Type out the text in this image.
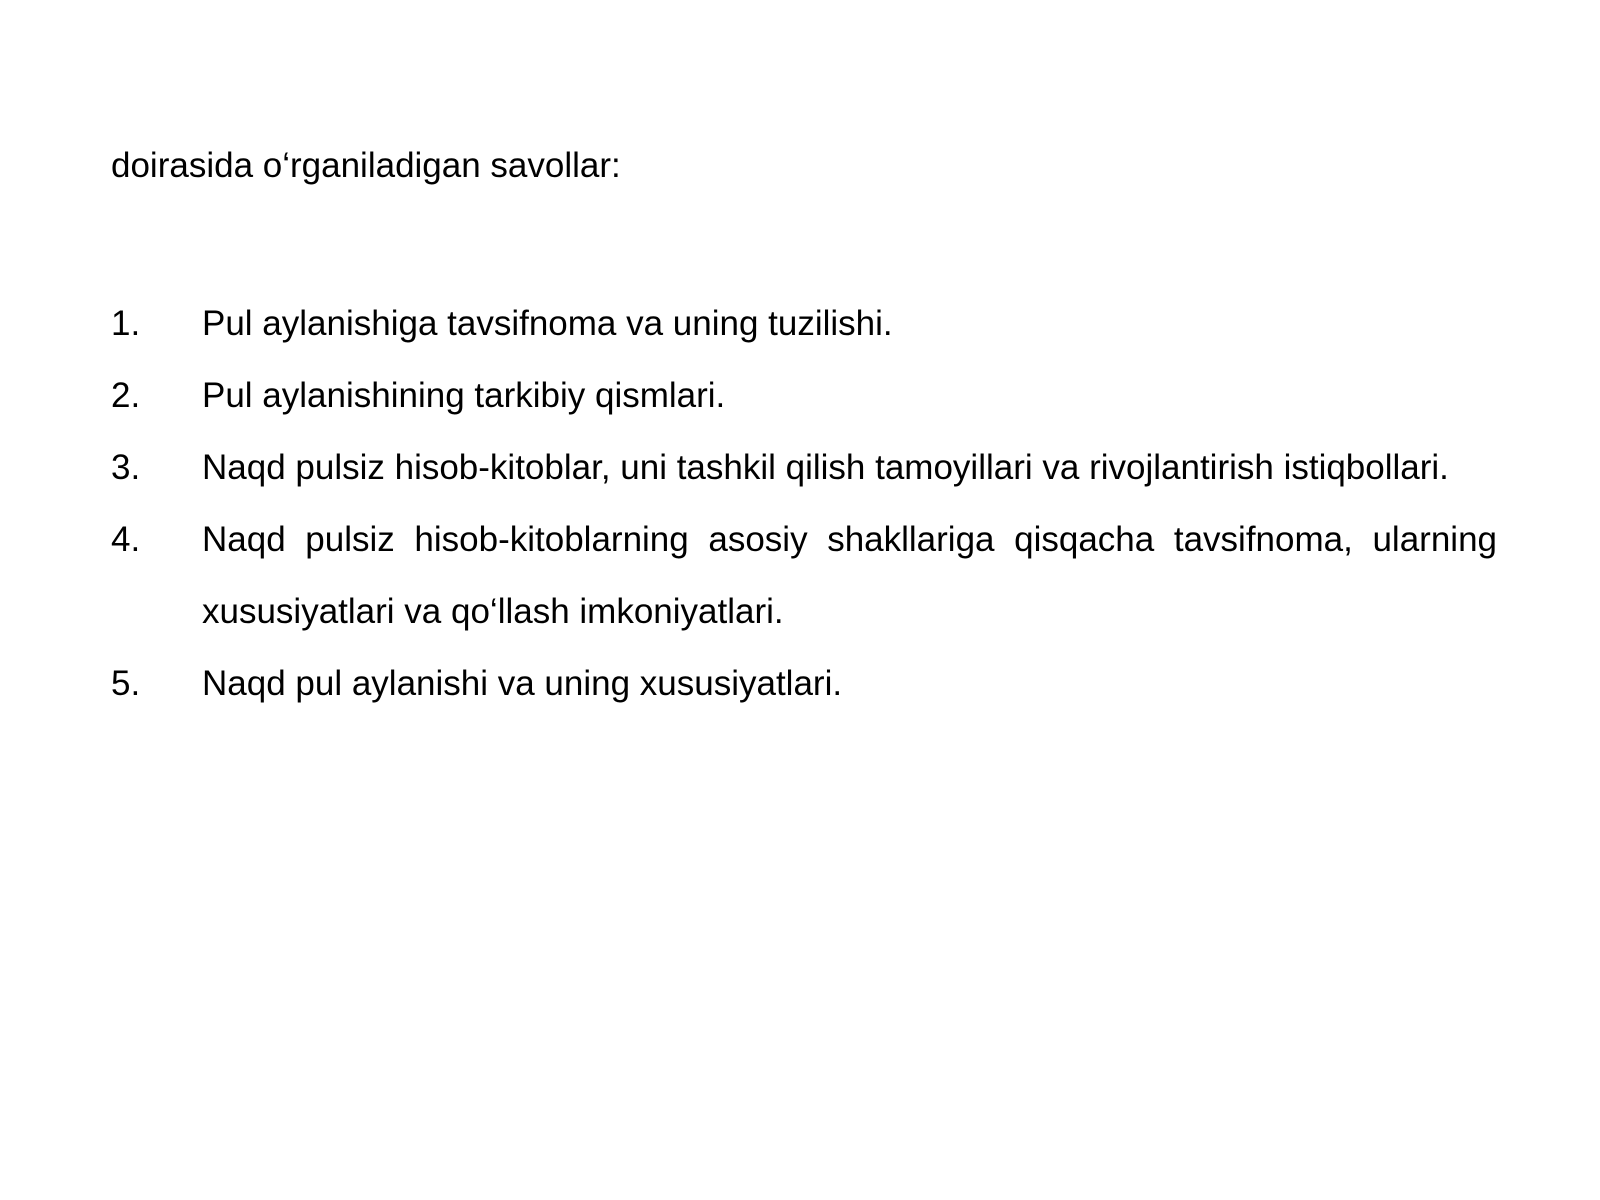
doirasida o‘rganiladigan savollar:

1.	Pul aylanishiga tavsifnoma va uning tuzilishi.
2.	Pul aylanishining tarkibiy qismlari.
3.	Naqd pulsiz hisob-kitoblar, uni tashkil qilish tamoyillari va rivojlantirish istiqbollari.
4.	Naqd pulsiz hisob-kitoblarning asosiy shakllariga qisqacha tavsifnoma, ularning xususiyatlari va qo‘llash imkoniyatlari.
5.	Naqd pul aylanishi va uning xususiyatlari.
